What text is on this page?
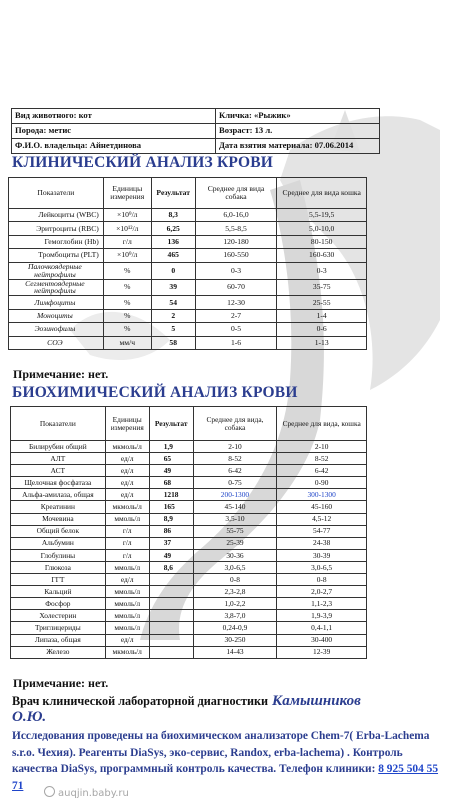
Вид животного: кот	Кличка: «Рыжик»
Порода: метис	Возраст: 13 л.
Ф.И.О. владельца: Айнетдинова	Дата взятия материала: 07.06.2014
КЛИНИЧЕСКИЙ АНАЛИЗ КРОВИ
Показатели	Единицы измерения	Результат	Среднее для вида собака	Среднее для вида кошка
Лейкоциты (WBC)	×10⁹/л	8,3	6,0-16,0	5,5-19,5
Эритроциты (RBC)	×10¹²/л	6,25	5,5-8,5	5,0-10,0
Гемоглобин (Hb)	г/л	136	120-180	80-150
Тромбоциты (PLT)	×10⁹/л	465	160-550	160-630
Палочкоядерные нейтрофилы	%	0	0-3	0-3
Сегментоядерные нейтрофилы	%	39	60-70	35-75
Лимфоциты	%	54	12-30	25-55
Моноциты	%	2	2-7	1-4
Эозинофилы	%	5	0-5	0-6
СОЭ	мм/ч	58	1-6	1-13

Примечание: нет.

БИОХИМИЧЕСКИЙ АНАЛИЗ КРОВИ
Показатели	Единицы измерения	Результат	Среднее для вида, собака	Среднее для вида, кошка
Билирубин общий	мкмоль/л	1,9	2-10	2-10
АЛТ	ед/л	65	8-52	8-52
АСТ	ед/л	49	6-42	6-42
Щелочная фосфатаза	ед/л	68	0-75	0-90
Альфа-амилаза, общая	ед/л	1218	200-1300	300-1300
Креатинин	мкмоль/л	165	45-140	45-160
Мочевина	ммоль/л	8,9	3,5-10	4,5-12
Общий белок	г/л	86	55-75	54-77
Альбумин	г/л	37	25-39	24-38
Глобулины	г/л	49	30-36	30-39
Глюкоза	ммоль/л	8,6	3,0-6,5	3,0-6,5
ГГТ	ед/л		0-8	0-8
Кальций	ммоль/л		2,3-2,8	2,0-2,7
Фосфор	ммоль/л		1,0-2,2	1,1-2,3
Холестерин	ммоль/л		3,8-7,0	1,9-3,9
Триглицериды	ммоль/л		0,24-0,9	0,4-1,1
Липаза, общая	ед/л		30-250	30-400
Железо	мкмоль/л		14-43	12-39

Примечание: нет.

Врач клинической лабораторной диагностики Камышников

О.Ю.

Исследования проведены на биохимическом анализаторе Chem-7( Erba-Lachema s.r.o. Чехия). Реагенты DiaSys, эко-сервис, Randox, erba-lachema) . Контроль качества DiaSys, программный контроль качества. Телефон клиники: 8 925 504 55 71

auqjin.baby.ru
